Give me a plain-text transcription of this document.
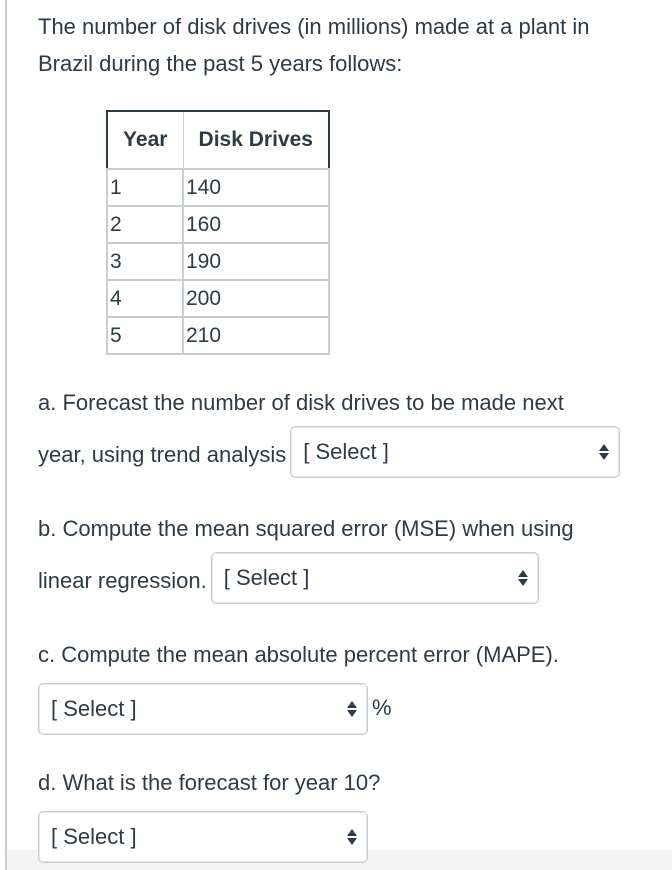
The number of disk drives (in millions) made at a plant in Brazil during the past 5 years follows:

Year	Disk Drives
1	140
2	160
3	190
4	200
5	210

a. Forecast the number of disk drives to be made next

year, using trend analysis [ Select ]

b. Compute the mean squared error (MSE) when using

linear regression. [ Select ]

c. Compute the mean absolute percent error (MAPE).

[ Select ]	%

d. What is the forecast for year 10?

[ Select ]
